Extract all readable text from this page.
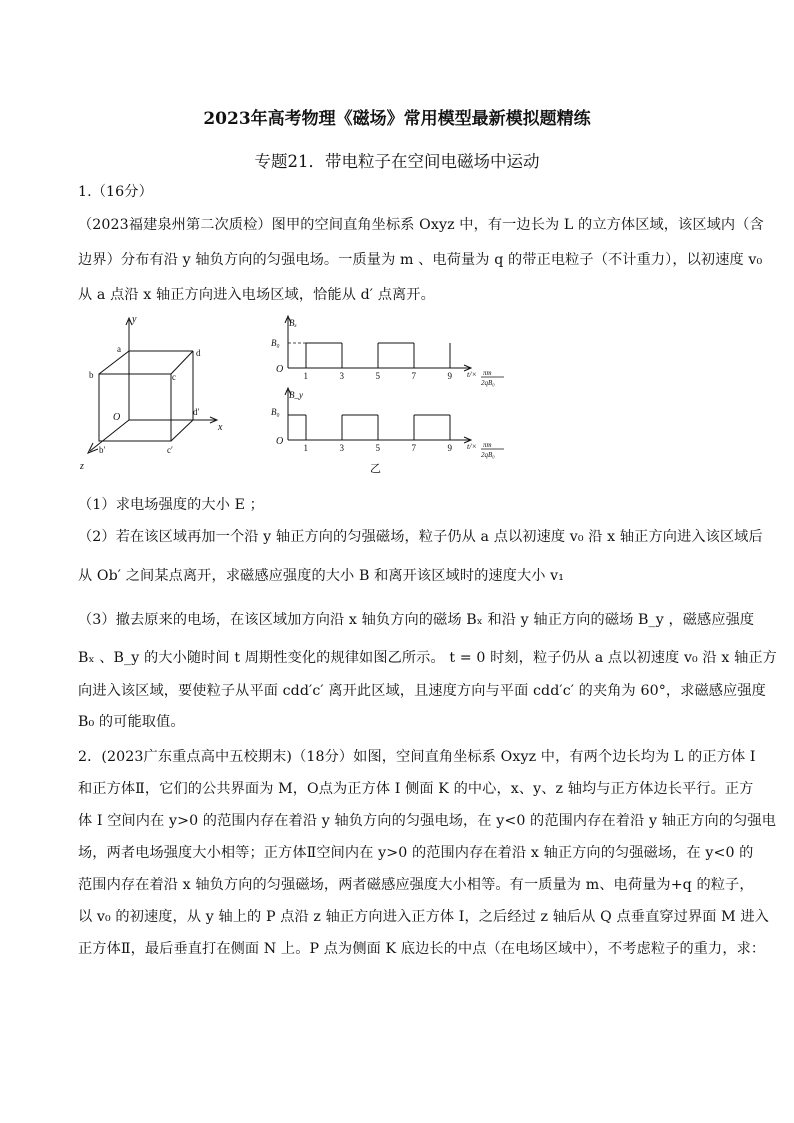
2023年高考物理《磁场》常用模型最新模拟题精练
专题21．带电粒子在空间电磁场中运动
1.（16分）
（2023福建泉州第二次质检）图甲的空间直角坐标系 Oxyz 中，有一边长为 L 的立方体区域，该区域内（含
边界）分布有沿 y 轴负方向的匀强电场。一质量为 m 、电荷量为 q 的带正电粒子（不计重力），以初速度 v₀
从 a 点沿 x 轴正方向进入电场区域，恰能从 d′ 点离开。
y
x
z
O
a
b	c
d
b′	c′
d′
1	3	5	7	9
1	3	5	7	9
Bₓ
B_y
B₀
B₀
O
O
t/× πm
2qB₀
t/× πm
2qB₀
乙
（1）求电场强度的大小 E ；
（2）若在该区域再加一个沿 y 轴正方向的匀强磁场，粒子仍从 a 点以初速度 v₀ 沿 x 轴正方向进入该区域后
从 Ob′ 之间某点离开，求磁感应强度的大小 B 和离开该区域时的速度大小 v₁
（3）撤去原来的电场，在该区域加方向沿 x 轴负方向的磁场 Bₓ 和沿 y 轴正方向的磁场 B_y ，磁感应强度
Bₓ 、B_y 的大小随时间 t 周期性变化的规律如图乙所示。 t = 0 时刻，粒子仍从 a 点以初速度 v₀ 沿 x 轴正方
向进入该区域，要使粒子从平面 cdd′c′ 离开此区域，且速度方向与平面 cdd′c′ 的夹角为 60°，求磁感应强度
B₀ 的可能取值。
2．(2023广东重点高中五校期末)（18分）如图，空间直角坐标系 Oxyz 中，有两个边长均为 L 的正方体 I
和正方体Ⅱ，它们的公共界面为 M，O点为正方体 I 侧面 K 的中心，x、y、z 轴均与正方体边长平行。正方
体 I 空间内在 y>0 的范围内存在着沿 y 轴负方向的匀强电场，在 y<0 的范围内存在着沿 y 轴正方向的匀强电
场，两者电场强度大小相等；正方体Ⅱ空间内在 y>0 的范围内存在着沿 x 轴正方向的匀强磁场，在 y<0 的
范围内存在着沿 x 轴负方向的匀强磁场，两者磁感应强度大小相等。有一质量为 m、电荷量为+q 的粒子，
以 v₀ 的初速度，从 y 轴上的 P 点沿 z 轴正方向进入正方体 I，之后经过 z 轴后从 Q 点垂直穿过界面 M 进入
正方体Ⅱ，最后垂直打在侧面 N 上。P 点为侧面 K 底边长的中点（在电场区域中），不考虑粒子的重力，求：
